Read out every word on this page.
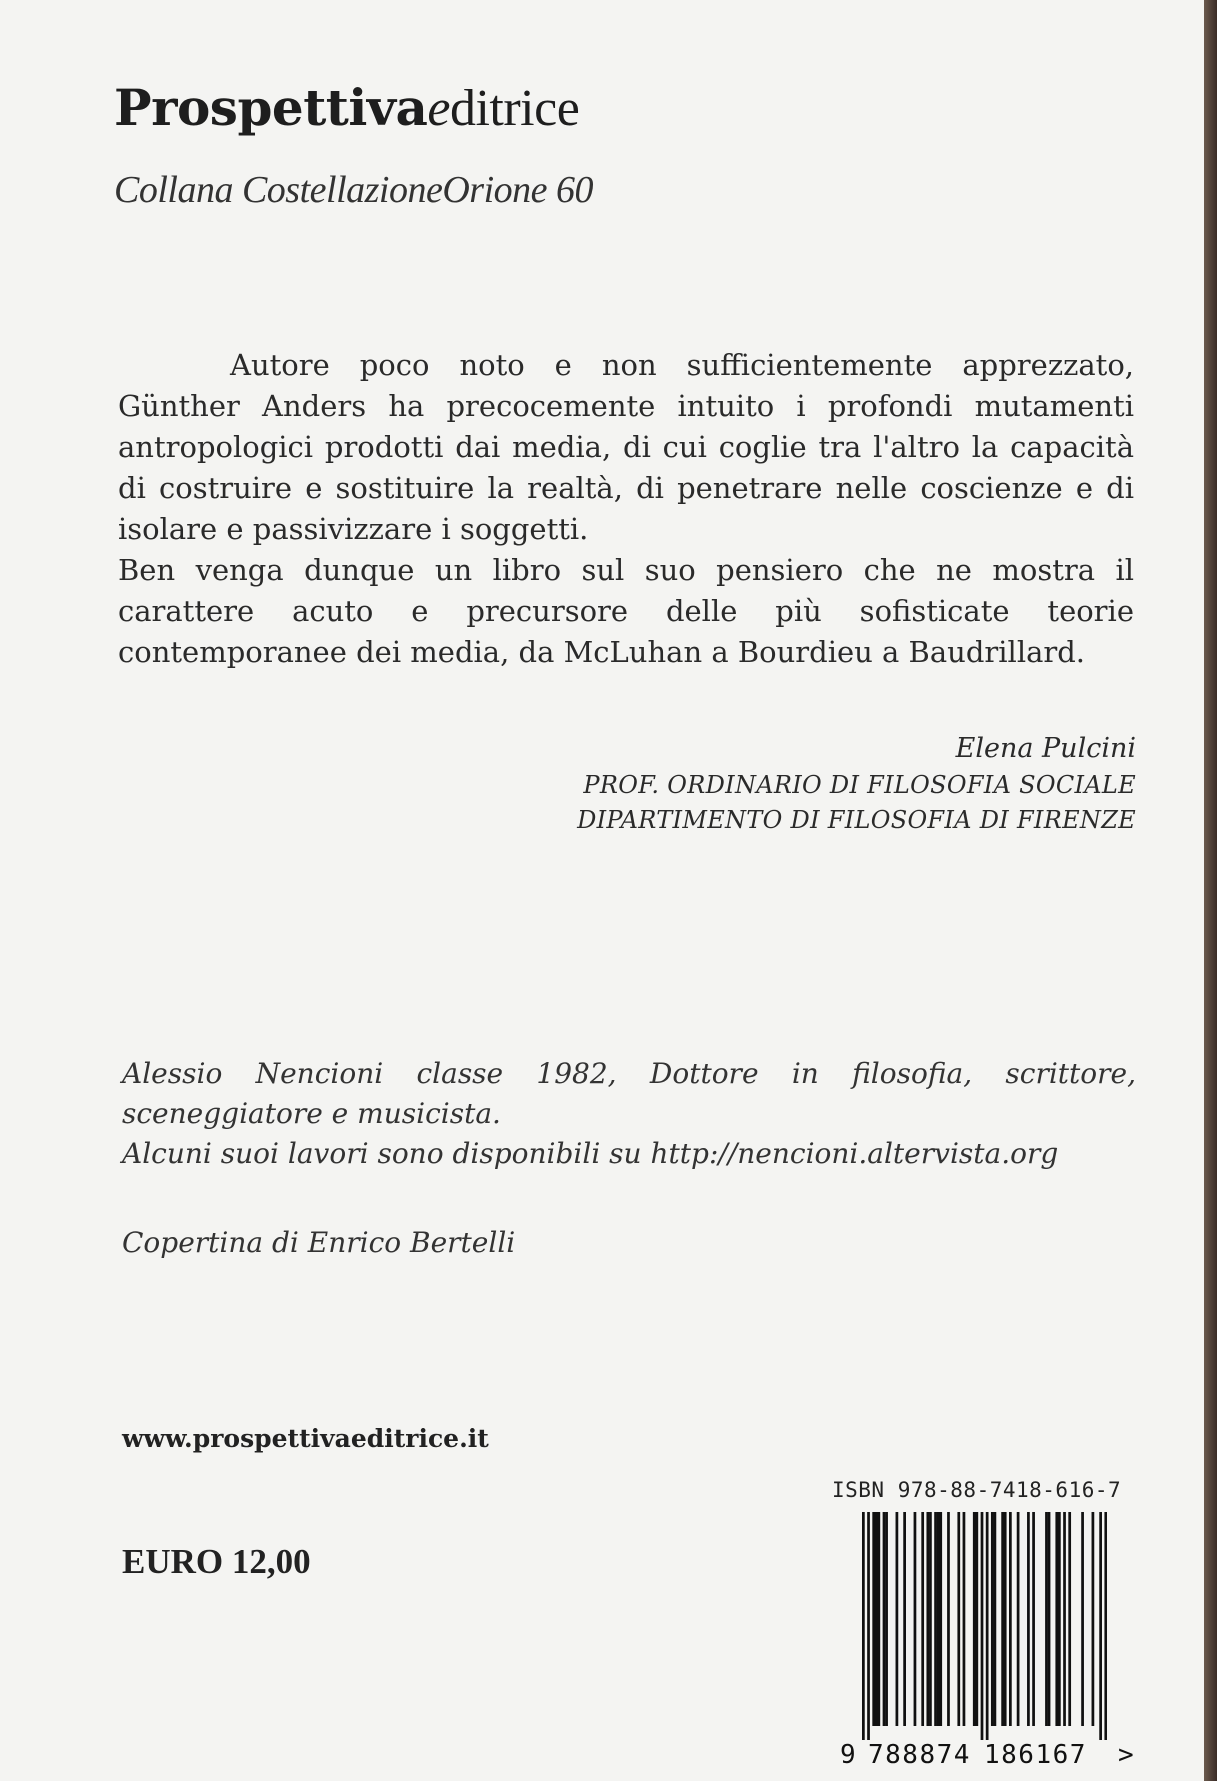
Prospettivaeditrice
Collana CostellazioneOrione 60

Autore poco noto e non sufficientemente apprezzato, Günther Anders ha precocemente intuito i profondi mutamenti antropologici prodotti dai media, di cui coglie tra l'altro la capacità di costruire e sostituire la realtà, di penetrare nelle coscienze e di isolare e passivizzare i soggetti.

Ben venga dunque un libro sul suo pensiero che ne mostra il carattere acuto e precursore delle più sofisticate teorie contemporanee dei media, da McLuhan a Bourdieu a Baudrillard.

Elena Pulcini
PROF. ORDINARIO DI FILOSOFIA SOCIALE
DIPARTIMENTO DI FILOSOFIA DI FIRENZE

Alessio Nencioni classe 1982, Dottore in filosofia, scrittore,

sceneggiatore e musicista.

Alcuni suoi lavori sono disponibili su http://nencioni.altervista.org

Copertina di Enrico Bertelli
www.prospettivaeditrice.it
EURO 12,00
ISBN 978-88-7418-616-7
9 788874 186167 >
